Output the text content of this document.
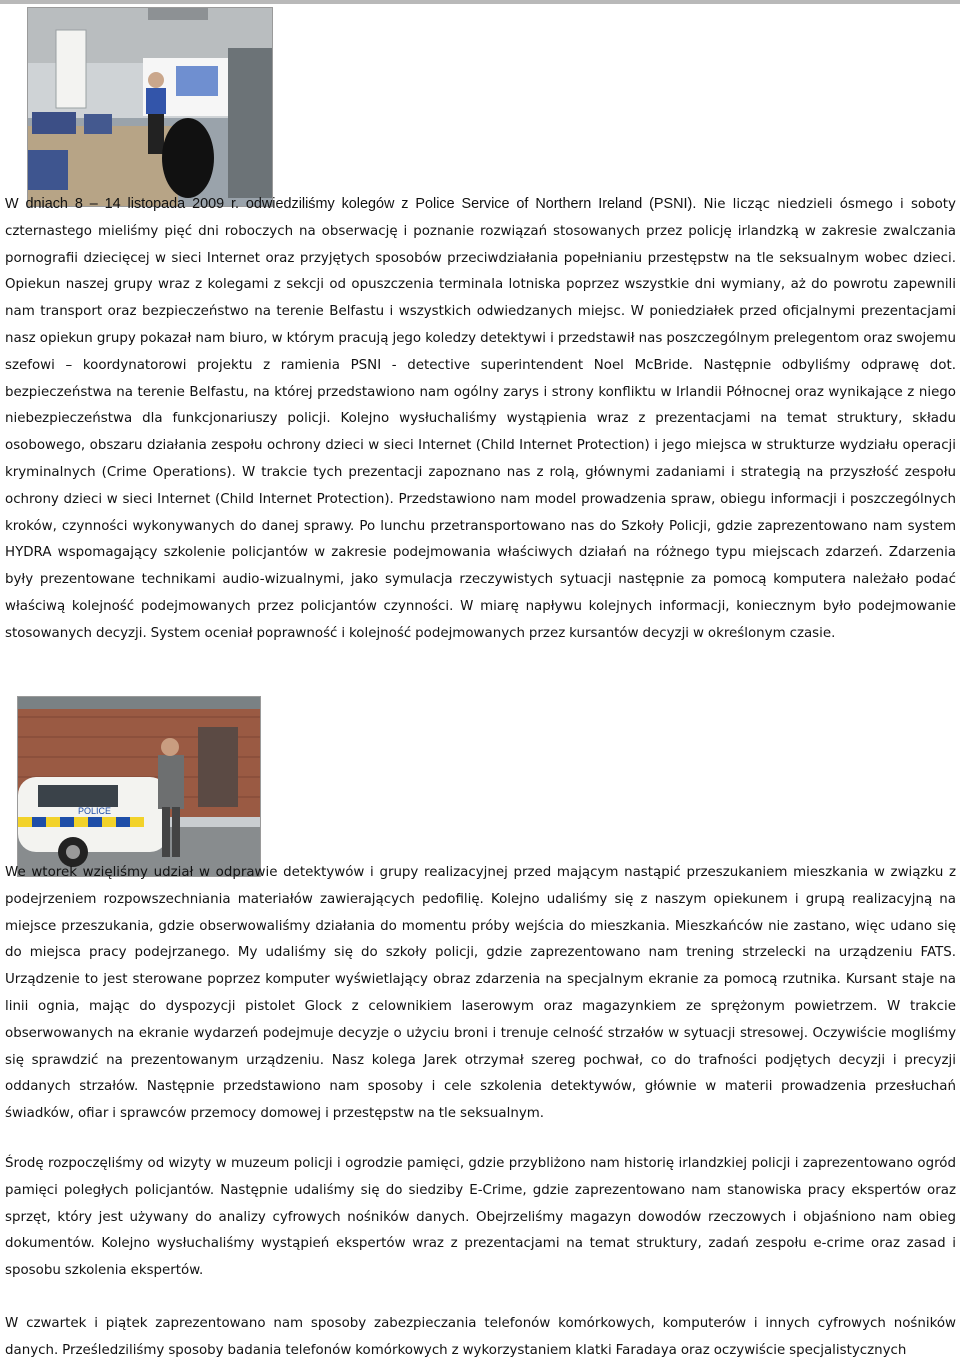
POLICE

W dniach 8 – 14 listopada 2009 r. odwiedziliśmy kolegów z Police Service of Northern Ireland (PSNI). Nie licząc niedzieli ósmego i soboty czternastego mieliśmy pięć dni roboczych na obserwację i poznanie rozwiązań stosowanych przez policję irlandzką w zakresie zwalczania pornografii dziecięcej w sieci Internet oraz przyjętych sposobów przeciwdziałania popełnianiu przestępstw na tle seksualnym wobec dzieci. Opiekun naszej grupy wraz z kolegami z sekcji od opuszczenia terminala lotniska poprzez wszystkie dni wymiany, aż do powrotu zapewnili nam transport oraz bezpieczeństwo na terenie Belfastu i wszystkich odwiedzanych miejsc. W poniedziałek przed oficjalnymi prezentacjami nasz opiekun grupy pokazał nam biuro, w którym pracują jego koledzy detektywi i przedstawił nas poszczególnym prelegentom oraz swojemu szefowi – koordynatorowi projektu z ramienia PSNI - detective superintendent Noel McBride. Następnie odbyliśmy odprawę dot. bezpieczeństwa na terenie Belfastu, na której przedstawiono nam ogólny zarys i strony konfliktu w Irlandii Północnej oraz wynikające z niego niebezpieczeństwa dla funkcjonariuszy policji. Kolejno wysłuchaliśmy wystąpienia wraz z prezentacjami na temat struktury, składu osobowego, obszaru działania zespołu ochrony dzieci w sieci Internet (Child Internet Protection) i jego miejsca w strukturze wydziału operacji kryminalnych (Crime Operations). W trakcie tych prezentacji zapoznano nas z rolą, głównymi zadaniami i strategią na przyszłość zespołu ochrony dzieci w sieci Internet (Child Internet Protection). Przedstawiono nam model prowadzenia spraw, obiegu informacji i poszczególnych kroków, czynności wykonywanych do danej sprawy. Po lunchu przetransportowano nas do Szkoły Policji, gdzie zaprezentowano nam system HYDRA wspomagający szkolenie policjantów w zakresie podejmowania właściwych działań na różnego typu miejscach zdarzeń. Zdarzenia były prezentowane technikami audio-wizualnymi, jako symulacja rzeczywistych sytuacji następnie za pomocą komputera należało podać właściwą kolejność podejmowanych przez policjantów czynności. W miarę napływu kolejnych informacji, koniecznym było podejmowanie stosowanych decyzji. System oceniał poprawność i kolejność podejmowanych przez kursantów decyzji w określonym czasie.

We wtorek wzięliśmy udział w odprawie detektywów i grupy realizacyjnej przed mającym nastąpić przeszukaniem mieszkania w związku z podejrzeniem rozpowszechniania materiałów zawierających pedofilię. Kolejno udaliśmy się z naszym opiekunem i grupą realizacyjną na miejsce przeszukania, gdzie obserwowaliśmy działania do momentu próby wejścia do mieszkania. Mieszkańców nie zastano, więc udano się do miejsca pracy podejrzanego. My udaliśmy się do szkoły policji, gdzie zaprezentowano nam trening strzelecki na urządzeniu FATS. Urządzenie to jest sterowane poprzez komputer wyświetlający obraz zdarzenia na specjalnym ekranie za pomocą rzutnika. Kursant staje na linii ognia, mając do dyspozycji pistolet Glock z celownikiem laserowym oraz magazynkiem ze sprężonym powietrzem. W trakcie obserwowanych na ekranie wydarzeń podejmuje decyzje o użyciu broni i trenuje celność strzałów w sytuacji stresowej. Oczywiście mogliśmy się sprawdzić na prezentowanym urządzeniu. Nasz kolega Jarek otrzymał szereg pochwał, co do trafności podjętych decyzji i precyzji oddanych strzałów. Następnie przedstawiono nam sposoby i cele szkolenia detektywów, głównie w materii prowadzenia przesłuchań świadków, ofiar i sprawców przemocy domowej i przestępstw na tle seksualnym.

Środę rozpoczęliśmy od wizyty w muzeum policji i ogrodzie pamięci, gdzie przybliżono nam historię irlandzkiej policji i zaprezentowano ogród pamięci poległych policjantów. Następnie udaliśmy się do siedziby E-Crime, gdzie zaprezentowano nam stanowiska pracy ekspertów oraz sprzęt, który jest używany do analizy cyfrowych nośników danych. Obejrzeliśmy magazyn dowodów rzeczowych i objaśniono nam obieg dokumentów. Kolejno wysłuchaliśmy wystąpień ekspertów wraz z prezentacjami na temat struktury, zadań zespołu e-crime oraz zasad i sposobu szkolenia ekspertów.

W czwartek i piątek zaprezentowano nam sposoby zabezpieczania telefonów komórkowych, komputerów i innych cyfrowych nośników danych. Prześledziliśmy sposoby badania telefonów komórkowych z wykorzystaniem klatki Faradaya oraz oczywiście specjalistycznych
